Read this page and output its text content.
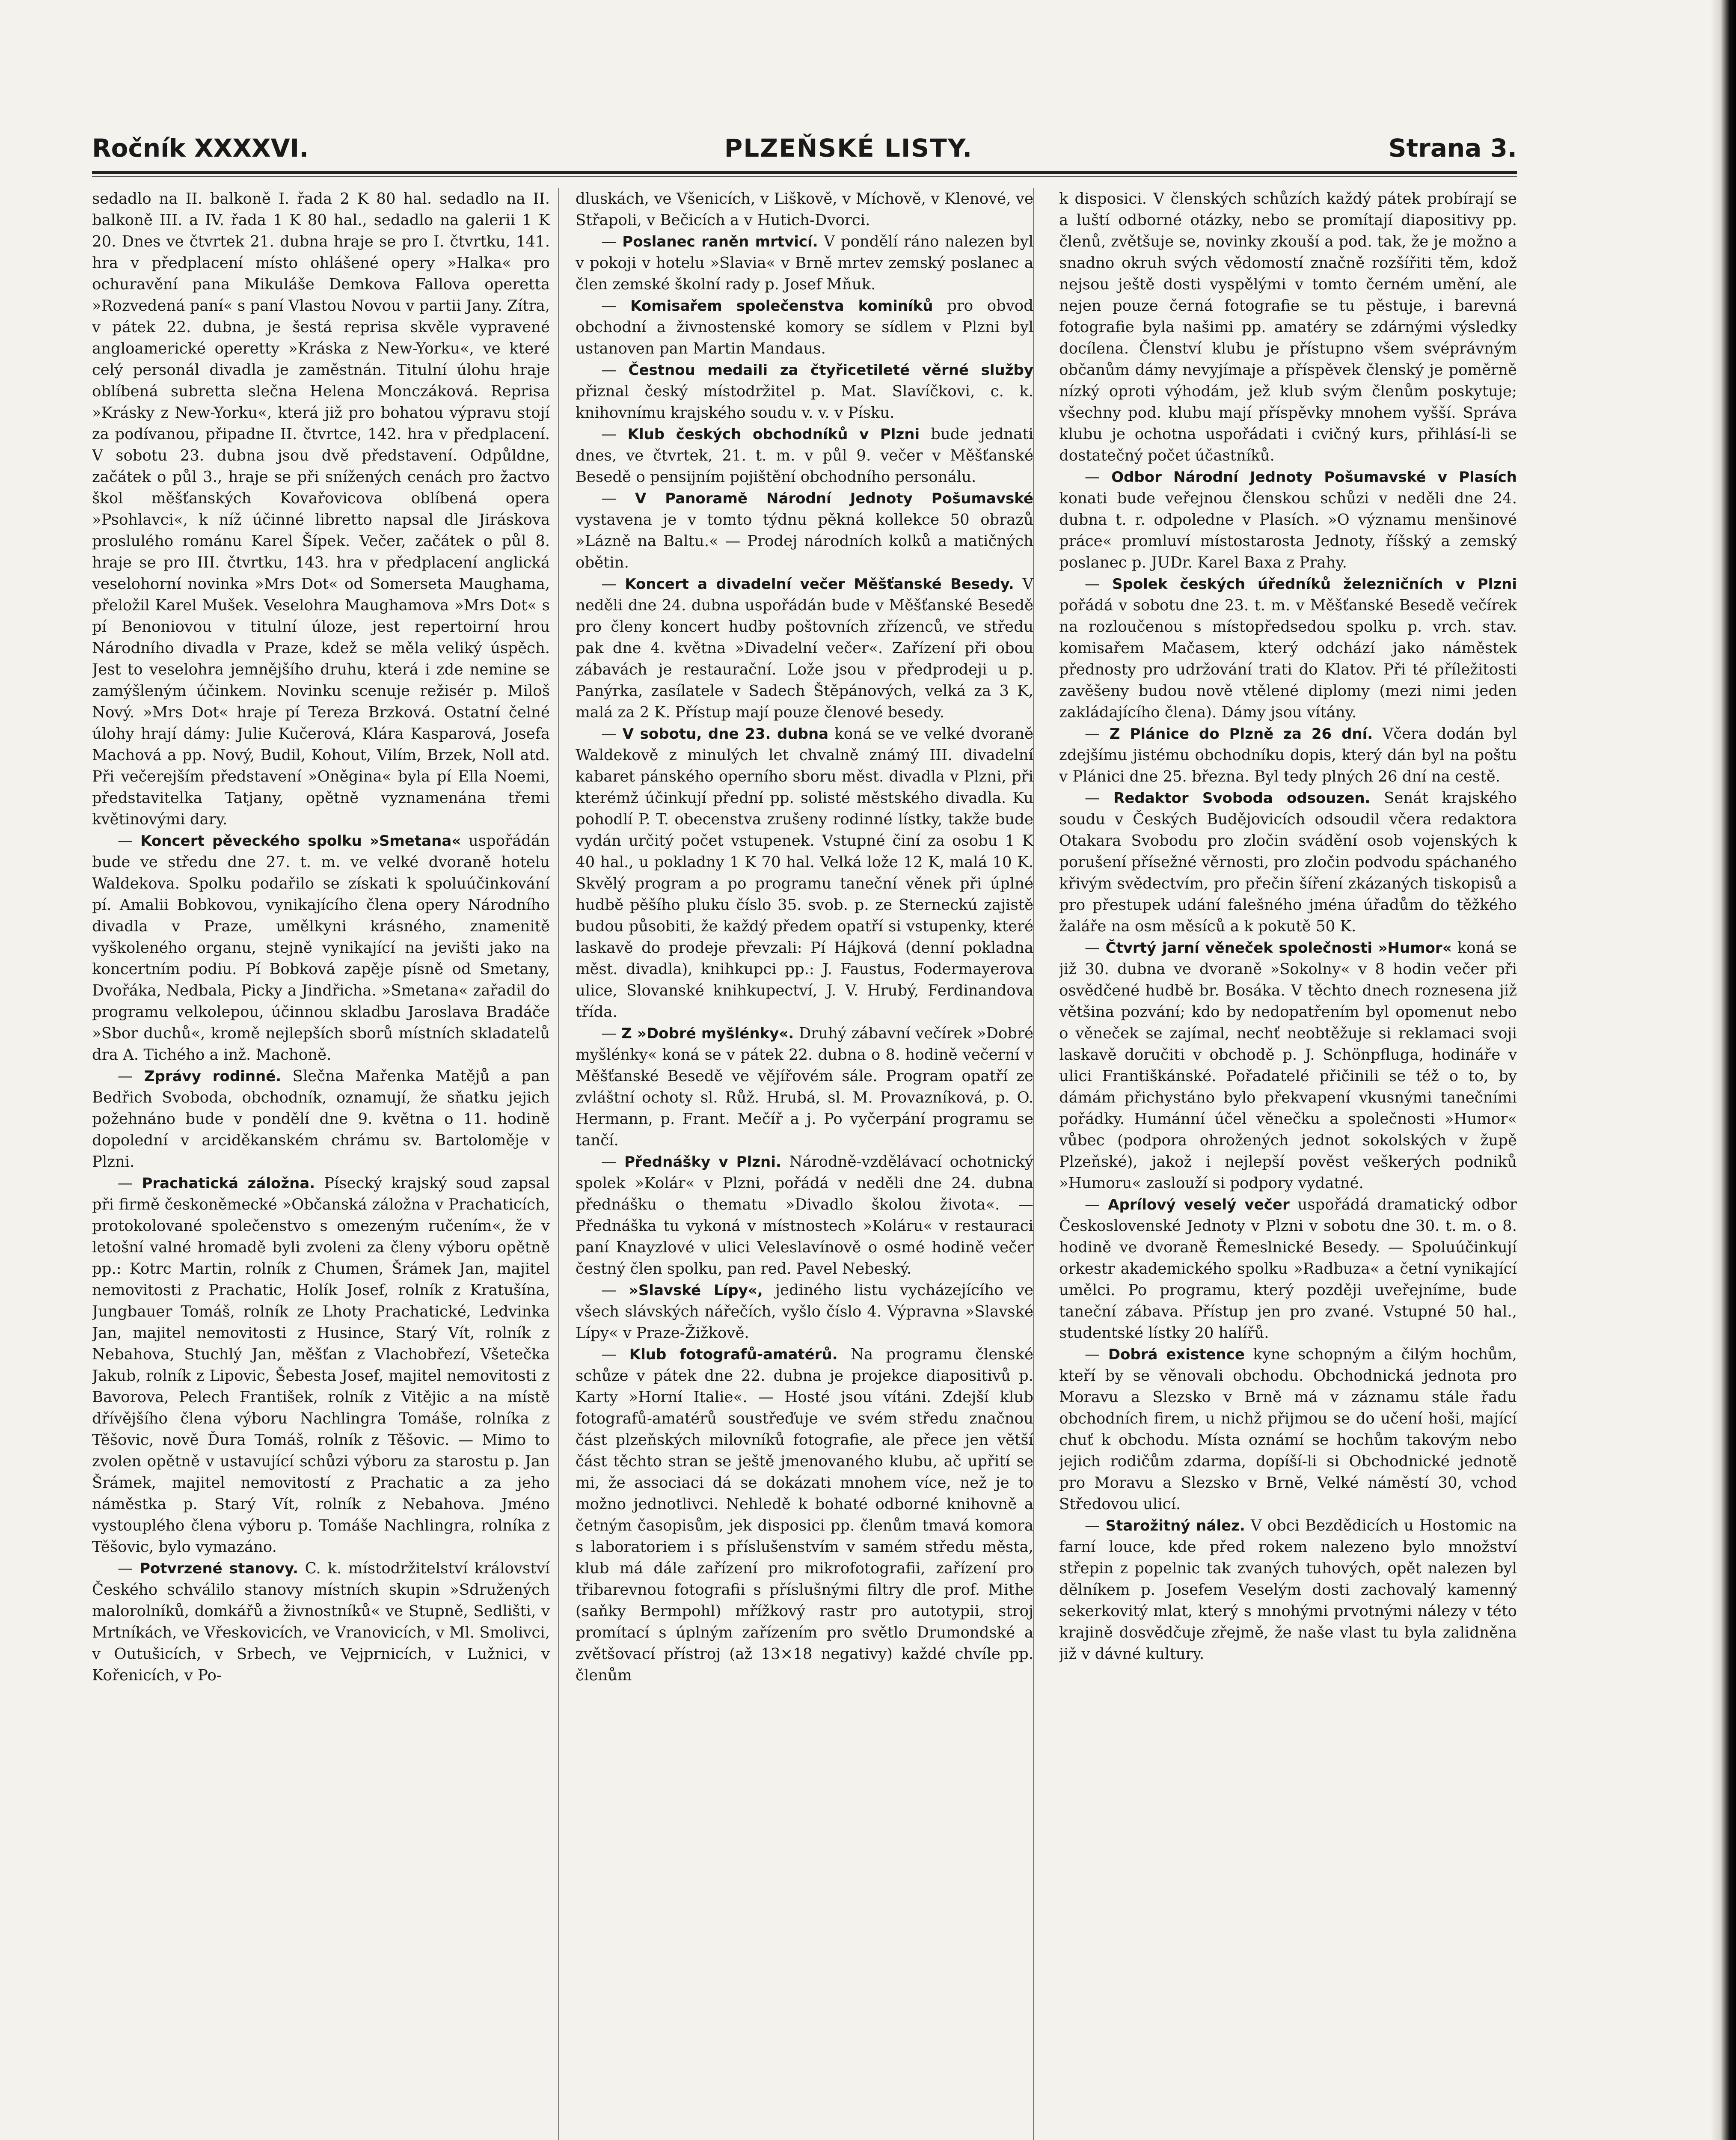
Ročník XXXXVI.	PLZEŇSKÉ LISTY.	Strana 3.

sedadlo na II. balkoně I. řada 2 K 80 hal. sedadlo na II. balkoně III. a IV. řada 1 K 80 hal., sedadlo na galerii 1 K 20. Dnes ve čtvrtek 21. dubna hraje se pro I. čtvrtku, 141. hra v předplacení místo ohlášené opery »Halka« pro ochuravění pana Mikuláše Demkova Fallova operetta »Rozvedená paní« s paní Vlastou Novou v partii Jany. Zítra, v pátek 22. dubna, je šestá reprisa skvěle vypravené angloamerické operetty »Kráska z New-Yorku«, ve které celý personál divadla je zaměstnán. Titulní úlohu hraje oblíbená subretta slečna Helena Monczáková. Reprisa »Krásky z New-Yorku«, která již pro bohatou výpravu stojí za podívanou, připadne II. čtvrtce, 142. hra v předplacení. V sobotu 23. dubna jsou dvě představení. Odpůldne, začátek o půl 3., hraje se při snížených cenách pro žactvo škol měšťanských Kovařovicova oblíbená opera »Psohlavci«, k níž účinné libretto napsal dle Jiráskova proslulého románu Karel Šípek. Večer, začátek o půl 8. hraje se pro III. čtvrtku, 143. hra v předplacení anglická veselohorní novinka »Mrs Dot« od Somerseta Maughama, přeložil Karel Mušek. Veselohra Maughamova »Mrs Dot« s pí Benoniovou v titulní úloze, jest repertoirní hrou Národního divadla v Praze, kdež se měla veliký úspěch. Jest to veselohra jemnějšího druhu, která i zde nemine se zamýšleným účinkem. Novinku scenuje režisér p. Miloš Nový. »Mrs Dot« hraje pí Tereza Brzková. Ostatní čelné úlohy hrají dámy: Julie Kučerová, Klára Kasparová, Josefa Machová a pp. Nový, Budil, Kohout, Vilím, Brzek, Noll atd. Při večerejším představení »Oněgina« byla pí Ella Noemi, představitelka Tatjany, opětně vyznamenána třemi květinovými dary.

— Koncert pěveckého spolku »Smetana« uspořádán bude ve středu dne 27. t. m. ve velké dvoraně hotelu Waldekova. Spolku podařilo se získati k spoluúčinkování pí. Amalii Bobkovou, vynikajícího člena opery Národního divadla v Praze, umělkyni krásného, znamenitě vyškoleného organu, stejně vynikající na jevišti jako na koncertním podiu. Pí Bobková zapěje písně od Smetany, Dvořáka, Nedbala, Picky a Jindřicha. »Smetana« zařadil do programu velkolepou, účinnou skladbu Jaroslava Bradáče »Sbor duchů«, kromě nejlepších sborů místních skladatelů dra A. Tichého a inž. Machoně.

— Zprávy rodinné. Slečna Mařenka Matějů a pan Bedřich Svoboda, obchodník, oznamují, že sňatku jejich požehnáno bude v pondělí dne 9. května o 11. hodině dopolední v arciděkanském chrámu sv. Bartoloměje v Plzni.

— Prachatická záložna. Písecký krajský soud zapsal při firmě českoněmecké »Občanská záložna v Prachaticích, protokolované společenstvo s omezeným ručením«, že v letošní valné hromadě byli zvoleni za členy výboru opětně pp.: Kotrc Martin, rolník z Chumen, Šrámek Jan, majitel nemovitosti z Prachatic, Holík Josef, rolník z Kratušína, Jungbauer Tomáš, rolník ze Lhoty Prachatické, Ledvinka Jan, majitel nemovitosti z Husince, Starý Vít, rolník z Nebahova, Stuchlý Jan, měšťan z Vlachobřezí, Všetečka Jakub, rolník z Lipovic, Šebesta Josef, majitel nemovitosti z Bavorova, Pelech František, rolník z Vitějic a na místě dřívějšího člena výboru Nachlingra Tomáše, rolníka z Těšovic, nově Ďura Tomáš, rolník z Těšovic. — Mimo to zvolen opětně v ustavující schůzi výboru za starostu p. Jan Šrámek, majitel nemovitostí z Prachatic a za jeho náměstka p. Starý Vít, rolník z Nebahova. Jméno vystouplého člena výboru p. Tomáše Nachlingra, rolníka z Těšovic, bylo vymazáno.

— Potvrzené stanovy. C. k. místodržitelství království Českého schválilo stanovy místních skupin »Sdružených malorolníků, domkářů a živnostníků« ve Stupně, Sedlišti, v Mrtníkách, ve Vřeskovicích, ve Vranovicích, v Ml. Smolivci, v Outušicích, v Srbech, ve Vejprnicích, v Lužnici, v Kořenicích, v Po-

dluskách, ve Všenicích, v Liškově, v Míchově, v Klenové, ve Střapoli, v Bečicích a v Hutich-Dvorci.

— Poslanec raněn mrtvicí. V pondělí ráno nalezen byl v pokoji v hotelu »Slavia« v Brně mrtev zemský poslanec a člen zemské školní rady p. Josef Mňuk.

— Komisařem společenstva kominíků pro obvod obchodní a živnostenské komory se sídlem v Plzni byl ustanoven pan Martin Mandaus.

— Čestnou medaili za čtyřicetileté věrné služby přiznal český místodržitel p. Mat. Slavíčkovi, c. k. knihovnímu krajského soudu v. v. v Písku.

— Klub českých obchodníků v Plzni bude jednati dnes, ve čtvrtek, 21. t. m. v půl 9. večer v Měšťanské Besedě o pensijním pojištění obchodního personálu.

— V Panoramě Národní Jednoty Pošumavské vystavena je v tomto týdnu pěkná kollekce 50 obrazů »Lázně na Baltu.« — Prodej národních kolků a matičných obětin.

— Koncert a divadelní večer Měšťanské Besedy. V neděli dne 24. dubna uspořádán bude v Měšťanské Besedě pro členy koncert hudby poštovních zřízenců, ve středu pak dne 4. května »Divadelní večer«. Zařízení při obou zábavách je restaurační. Lože jsou v předprodeji u p. Panýrka, zasílatele v Sadech Štěpánových, velká za 3 K, malá za 2 K. Přístup mají pouze členové besedy.

— V sobotu, dne 23. dubna koná se ve velké dvoraně Waldekově z minulých let chvalně známý III. divadelní kabaret pánského operního sboru měst. divadla v Plzni, při kterémž účinkují přední pp. solisté městského divadla. Ku pohodlí P. T. obecenstva zrušeny rodinné lístky, takže bude vydán určitý počet vstupenek. Vstupné činí za osobu 1 K 40 hal., u pokladny 1 K 70 hal. Velká lože 12 K, malá 10 K. Skvělý program a po programu taneční věnek při úplné hudbě pěšího pluku číslo 35. svob. p. ze Sterneckú zajistě budou působiti, že každý předem opatří si vstupenky, které laskavě do prodeje převzali: Pí Hájková (denní pokladna měst. divadla), knihkupci pp.: J. Faustus, Fodermayerova ulice, Slovanské knihkupectví, J. V. Hrubý, Ferdinandova třída.

— Z »Dobré myšlénky«. Druhý zábavní večírek »Dobré myšlénky« koná se v pátek 22. dubna o 8. hodině večerní v Měšťanské Besedě ve vějířovém sále. Program opatří ze zvláštní ochoty sl. Růž. Hrubá, sl. M. Provazníková, p. O. Hermann, p. Frant. Mečíř a j. Po vyčerpání programu se tančí.

— Přednášky v Plzni. Národně-vzdělávací ochotnický spolek »Kolár« v Plzni, pořádá v neděli dne 24. dubna přednášku o thematu »Divadlo školou života«. — Přednáška tu vykoná v místnostech »Koláru« v restauraci paní Knayzlové v ulici Veleslavínově o osmé hodině večer čestný člen spolku, pan red. Pavel Nebeský.

— »Slavské Lípy«, jediného listu vycházejícího ve všech slávských nářečích, vyšlo číslo 4. Výpravna »Slavské Lípy« v Praze-Žižkově.

— Klub fotografů-amatérů. Na programu členské schůze v pátek dne 22. dubna je projekce diapositivů p. Karty »Horní Italie«. — Hosté jsou vítáni. Zdejší klub fotografů-amatérů soustřeďuje ve svém středu značnou část plzeňských milovníků fotografie, ale přece jen větší část těchto stran se ještě jmenovaného klubu, ač upřití se mi, že associaci dá se dokázati mnohem více, než je to možno jednotlivci. Nehledě k bohaté odborné knihovně a četným časopisům, jek disposici pp. členům tmavá komora s laboratoriem i s příslušenstvím v samém středu města, klub má dále zařízení pro mikrofotografii, zařízení pro třibarevnou fotografii s příslušnými filtry dle prof. Mithe (saňky Bermpohl) mřížkový rastr pro autotypii, stroj promítací s úplným zařízením pro světlo Drumondské a zvětšovací přístroj (až 13×18 negativy) každé chvíle pp. členům

k disposici. V členských schůzích každý pátek probírají se a luští odborné otázky, nebo se promítají diapositivy pp. členů, zvětšuje se, novinky zkouší a pod. tak, že je možno a snadno okruh svých vědomostí značně rozšířiti těm, kdož nejsou ještě dosti vyspělými v tomto černém umění, ale nejen pouze černá fotografie se tu pěstuje, i barevná fotografie byla našimi pp. amatéry se zdárnými výsledky docílena. Členství klubu je přístupno všem svéprávným občanům dámy nevyjímaje a příspěvek členský je poměrně nízký oproti výhodám, jež klub svým členům poskytuje; všechny pod. klubu mají příspěvky mnohem vyšší. Správa klubu je ochotna uspořádati i cvičný kurs, přihlásí-li se dostatečný počet účastníků.

— Odbor Národní Jednoty Pošumavské v Plasích konati bude veřejnou členskou schůzi v neděli dne 24. dubna t. r. odpoledne v Plasích. »O významu menšinové práce« promluví místostarosta Jednoty, říšský a zemský poslanec p. JUDr. Karel Baxa z Prahy.

— Spolek českých úředníků železničních v Plzni pořádá v sobotu dne 23. t. m. v Měšťanské Besedě večírek na rozloučenou s místopředsedou spolku p. vrch. stav. komisařem Mačasem, který odchází jako náměstek přednosty pro udržování trati do Klatov. Při té příležitosti zavěšeny budou nově vtělené diplomy (mezi nimi jeden zakládajícího člena). Dámy jsou vítány.

— Z Plánice do Plzně za 26 dní. Včera dodán byl zdejšímu jistému obchodníku dopis, který dán byl na poštu v Plánici dne 25. března. Byl tedy plných 26 dní na cestě.

— Redaktor Svoboda odsouzen. Senát krajského soudu v Českých Budějovicích odsoudil včera redaktora Otakara Svobodu pro zločin svádění osob vojenských k porušení přísežné věrnosti, pro zločin podvodu spáchaného křivým svědectvím, pro přečin šíření zkázaných tiskopisů a pro přestupek udání falešného jména úřadům do těžkého žaláře na osm měsíců a k pokutě 50 K.

— Čtvrtý jarní věneček společnosti »Humor« koná se již 30. dubna ve dvoraně »Sokolny« v 8 hodin večer při osvědčené hudbě br. Bosáka. V těchto dnech roznesena již většina pozvání; kdo by nedopatřením byl opomenut nebo o věneček se zajímal, nechť neobtěžuje si reklamaci svoji laskavě doručiti v obchodě p. J. Schönpfluga, hodináře v ulici Františkánské. Pořadatelé přičinili se též o to, by dámám přichystáno bylo překvapení vkusnými tanečními pořádky. Humánní účel věnečku a společnosti »Humor« vůbec (podpora ohrožených jednot sokolských v župě Plzeňské), jakož i nejlepší pověst veškerých podniků »Humoru« zaslouží si podpory vydatné.

— Aprílový veselý večer uspořádá dramatický odbor Československé Jednoty v Plzni v sobotu dne 30. t. m. o 8. hodině ve dvoraně Řemeslnické Besedy. — Spoluúčinkují orkestr akademického spolku »Radbuza« a četní vynikající umělci. Po programu, který později uveřejníme, bude taneční zábava. Přístup jen pro zvané. Vstupné 50 hal., studentské lístky 20 halířů.

— Dobrá existence kyne schopným a čilým hochům, kteří by se věnovali obchodu. Obchodnická jednota pro Moravu a Slezsko v Brně má v záznamu stále řadu obchodních firem, u nichž přijmou se do učení hoši, mající chuť k obchodu. Místa oznámí se hochům takovým nebo jejich rodičům zdarma, dopíší-li si Obchodnické jednotě pro Moravu a Slezsko v Brně, Velké náměstí 30, vchod Středovou ulicí.

— Starožitný nález. V obci Bezdědicích u Hostomic na farní louce, kde před rokem nalezeno bylo množství střepin z popelnic tak zvaných tuhových, opět nalezen byl dělníkem p. Josefem Veselým dosti zachovalý kamenný sekerkovitý mlat, který s mnohými prvotnými nálezy v této krajině dosvědčuje zřejmě, že naše vlast tu byla zalidněna již v dávné kultury.
